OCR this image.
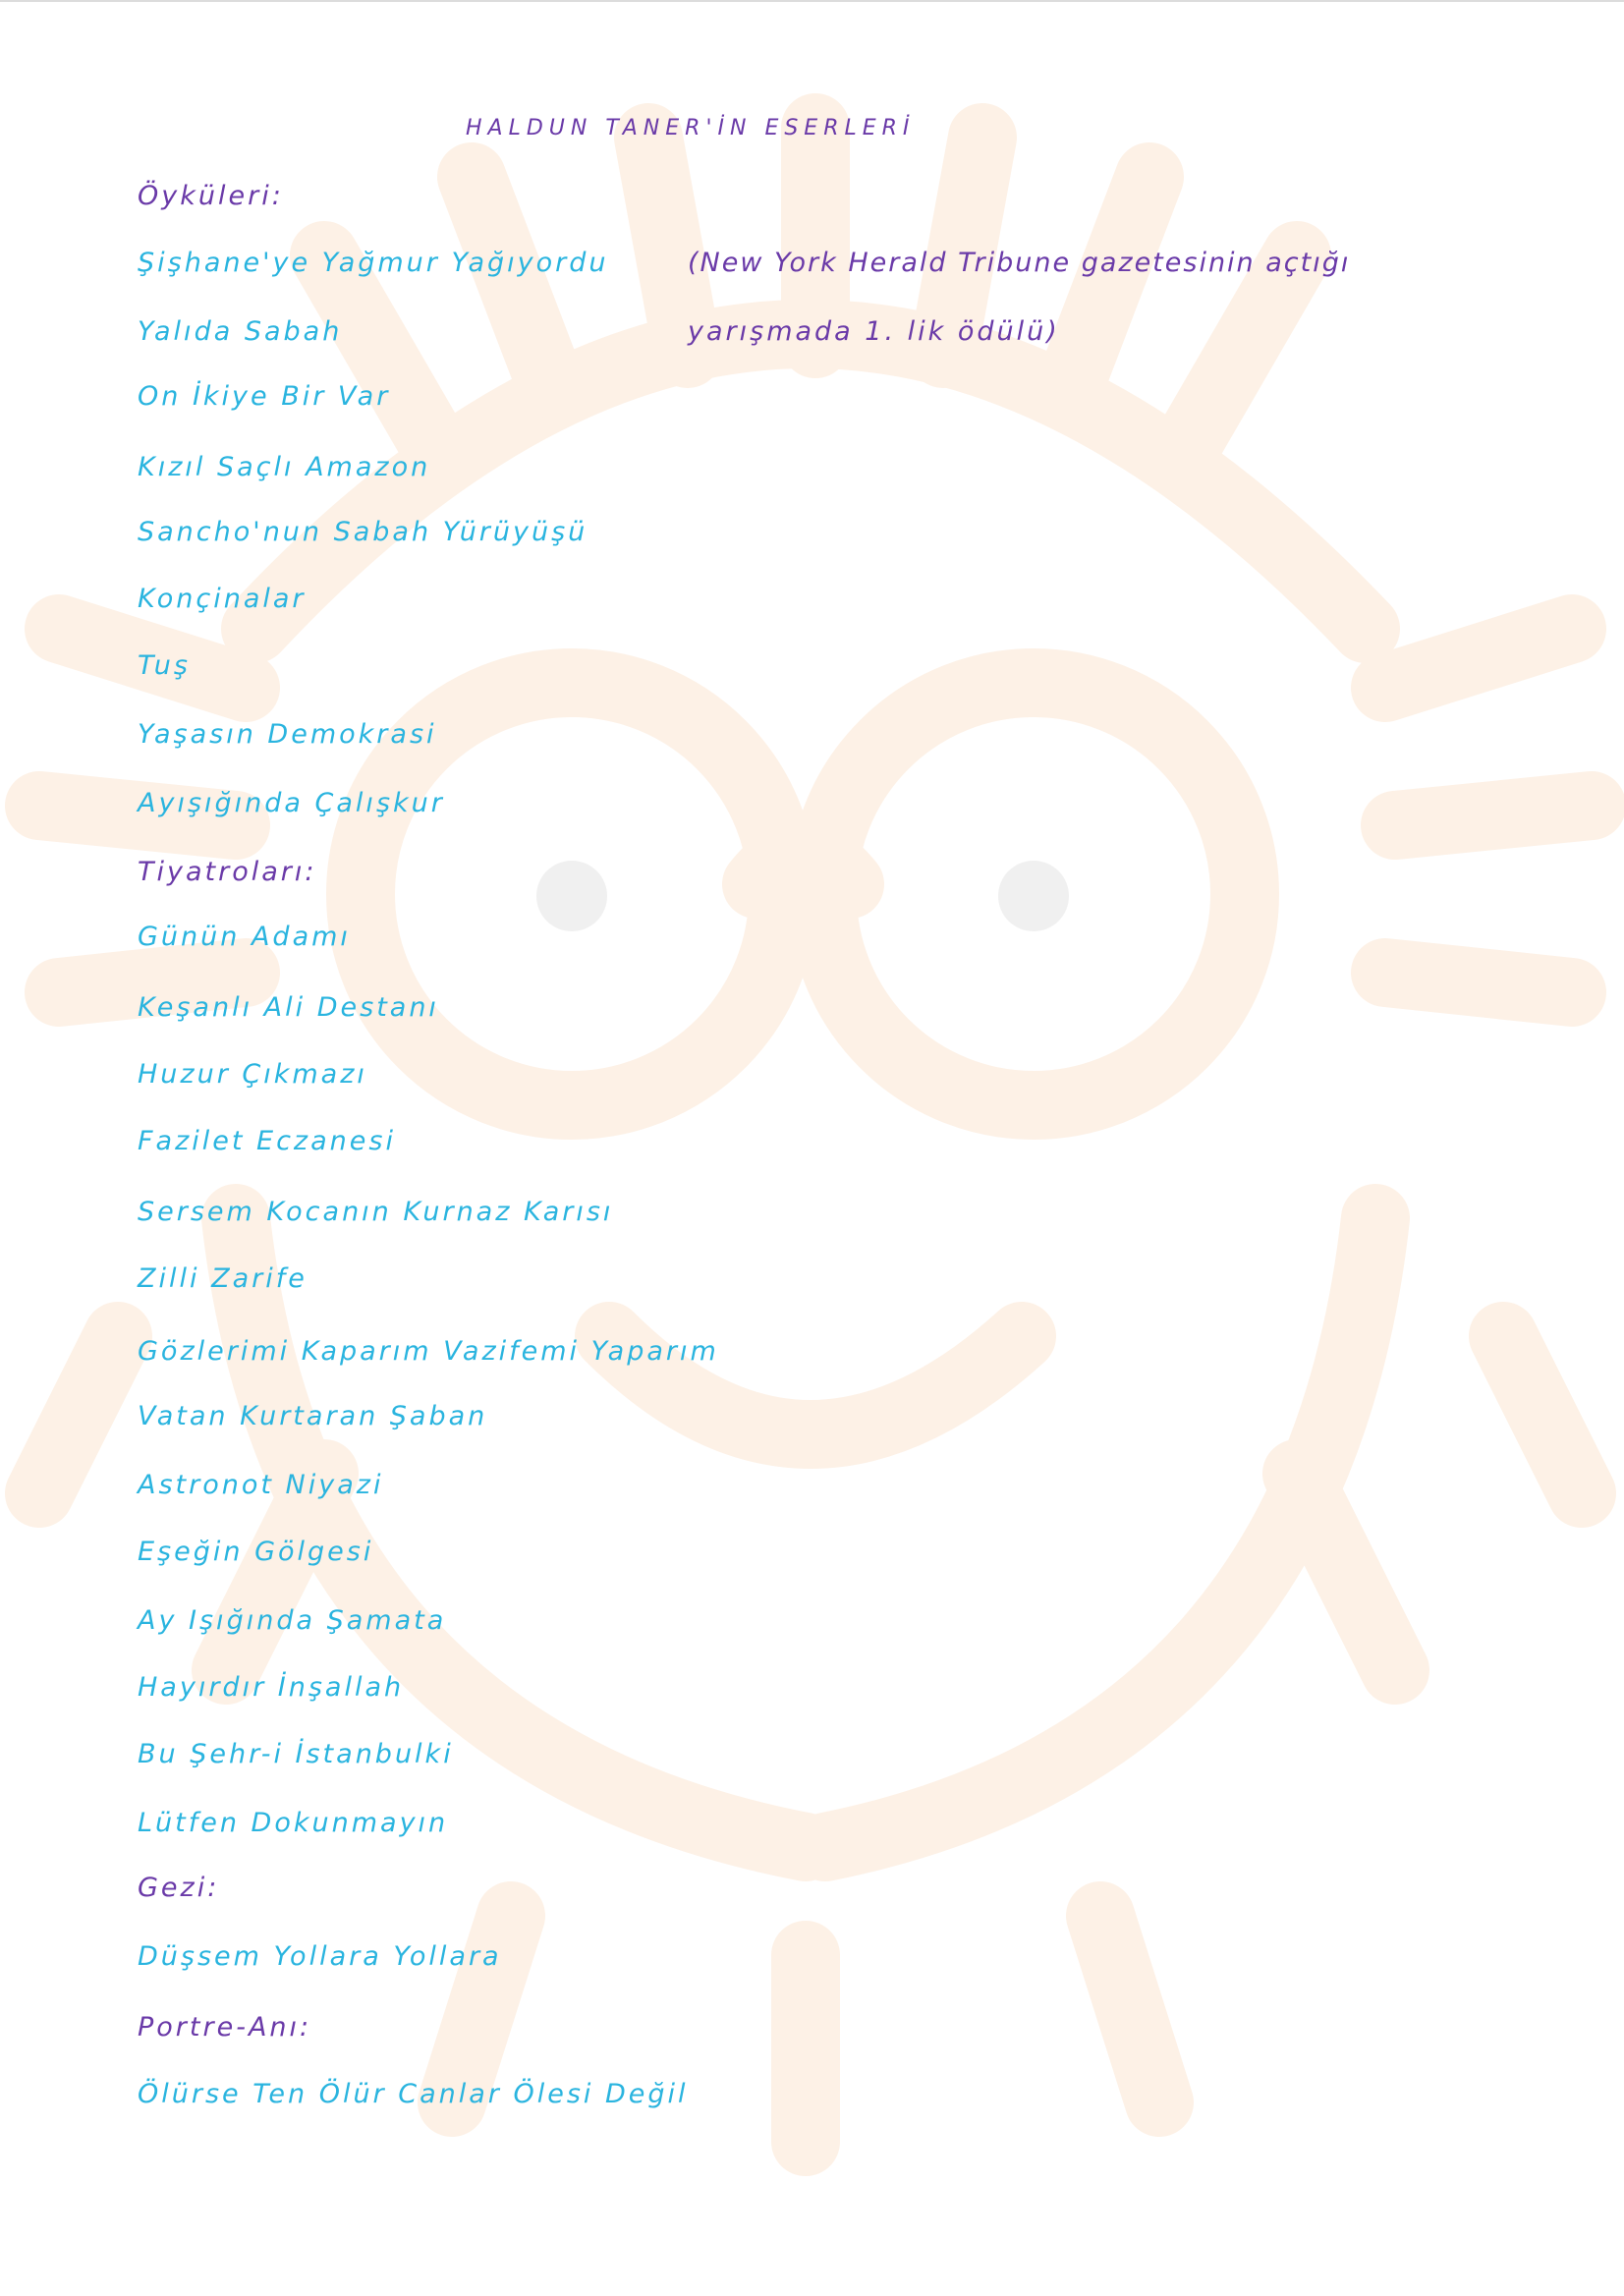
HALDUN TANER'İN ESERLERİ
Öyküleri:
Şişhane'ye Yağmur Yağıyordu	(New York Herald Tribune gazetesinin açtığı
Yalıda Sabah	yarışmada 1. lik ödülü)
On İkiye Bir Var
Kızıl Saçlı Amazon
Sancho'nun Sabah Yürüyüşü
Konçinalar
Tuş
Yaşasın Demokrasi
Ayışığında Çalışkur
Tiyatroları:
Günün Adamı
Keşanlı Ali Destanı
Huzur Çıkmazı
Fazilet Eczanesi
Sersem Kocanın Kurnaz Karısı
Zilli Zarife
Gözlerimi Kaparım Vazifemi Yaparım
Vatan Kurtaran Şaban
Astronot Niyazi
Eşeğin Gölgesi
Ay Işığında Şamata
Hayırdır İnşallah
Bu Şehr-i İstanbulki
Lütfen Dokunmayın
Gezi:
Düşsem Yollara Yollara
Portre-Anı:
Ölürse Ten Ölür Canlar Ölesi Değil
